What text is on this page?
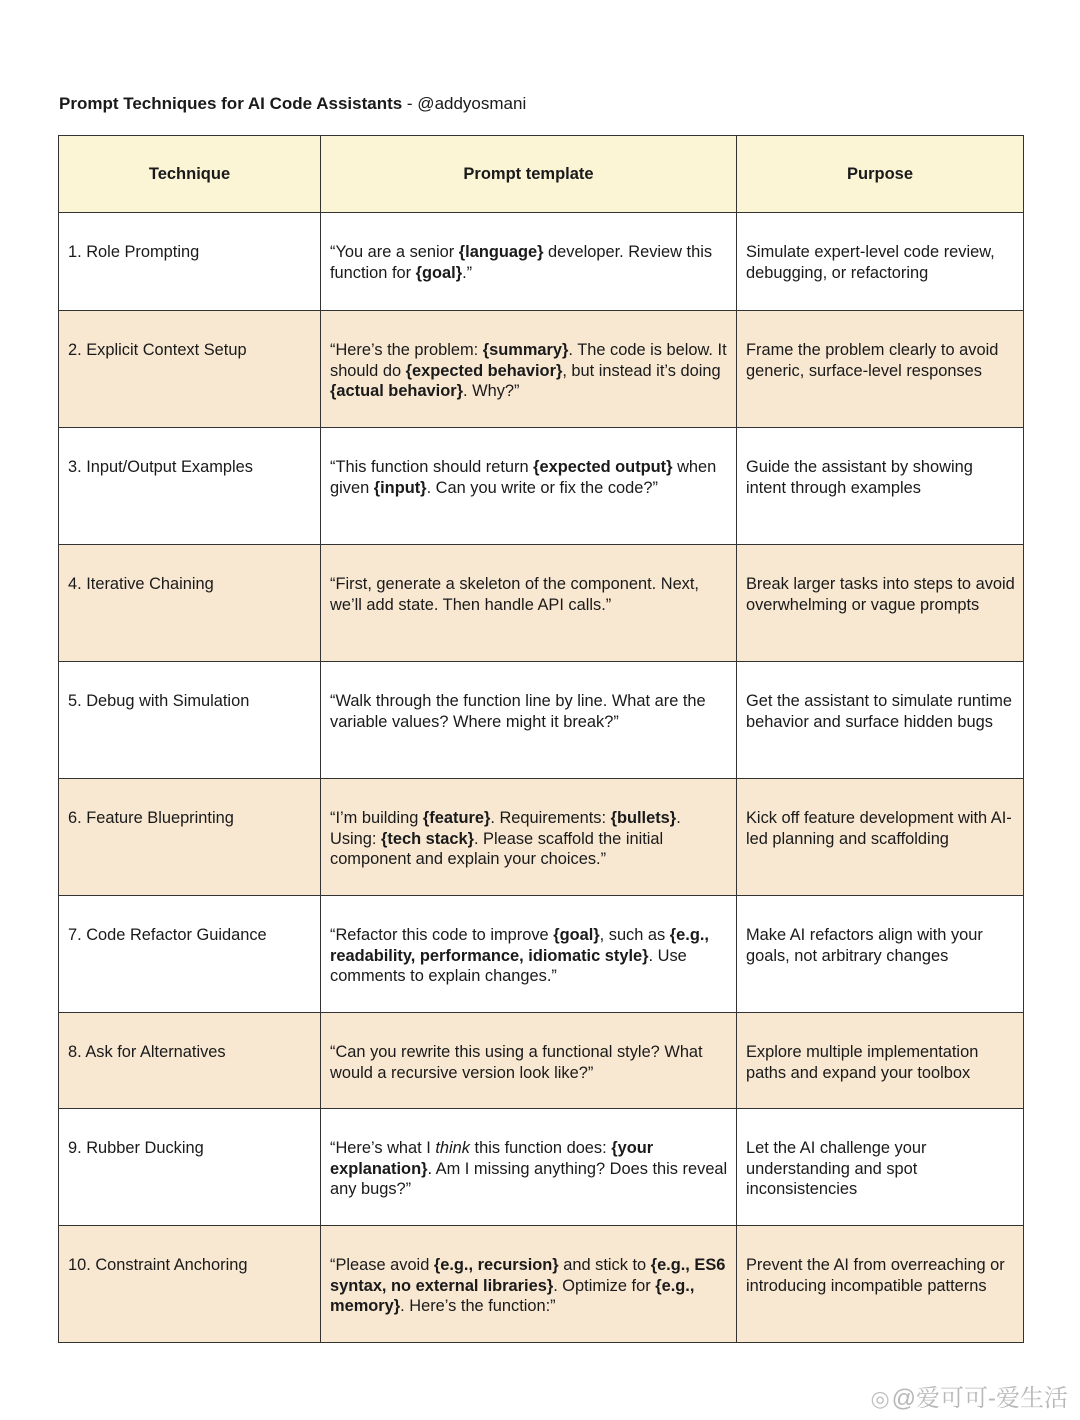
Prompt Techniques for AI Code Assistants - @addyosmani
Technique	Prompt template	Purpose
1. Role Prompting	“You are a senior {language} developer. Review this function for {goal}.”	Simulate expert-level code review, debugging, or refactoring
2. Explicit Context Setup	“Here’s the problem: {summary}. The code is below. It should do {expected behavior}, but instead it’s doing {actual behavior}. Why?”	Frame the problem clearly to avoid generic, surface-level responses
3. Input/Output Examples	“This function should return {expected output} when given {input}. Can you write or fix the code?”	Guide the assistant by showing intent through examples
4. Iterative Chaining	“First, generate a skeleton of the component. Next, we’ll add state. Then handle API calls.”	Break larger tasks into steps to avoid overwhelming or vague prompts
5. Debug with Simulation	“Walk through the function line by line. What are the variable values? Where might it break?”	Get the assistant to simulate runtime behavior and surface hidden bugs
6. Feature Blueprinting	“I’m building {feature}. Requirements: {bullets}. Using: {tech stack}. Please scaffold the initial component and explain your choices.”	Kick off feature development with AI-led planning and scaffolding
7. Code Refactor Guidance	“Refactor this code to improve {goal}, such as {e.g., readability, performance, idiomatic style}. Use comments to explain changes.”	Make AI refactors align with your goals, not arbitrary changes
8. Ask for Alternatives	“Can you rewrite this using a functional style? What would a recursive version look like?”	Explore multiple implementation paths and expand your toolbox
9. Rubber Ducking	“Here’s what I think this function does: {your explanation}. Am I missing anything? Does this reveal any bugs?”	Let the AI challenge your understanding and spot inconsistencies
10. Constraint Anchoring	“Please avoid {e.g., recursion} and stick to {e.g., ES6 syntax, no external libraries}. Optimize for {e.g., memory}. Here’s the function:”	Prevent the AI from overreaching or introducing incompatible patterns
◎@爱可可-爱生活
